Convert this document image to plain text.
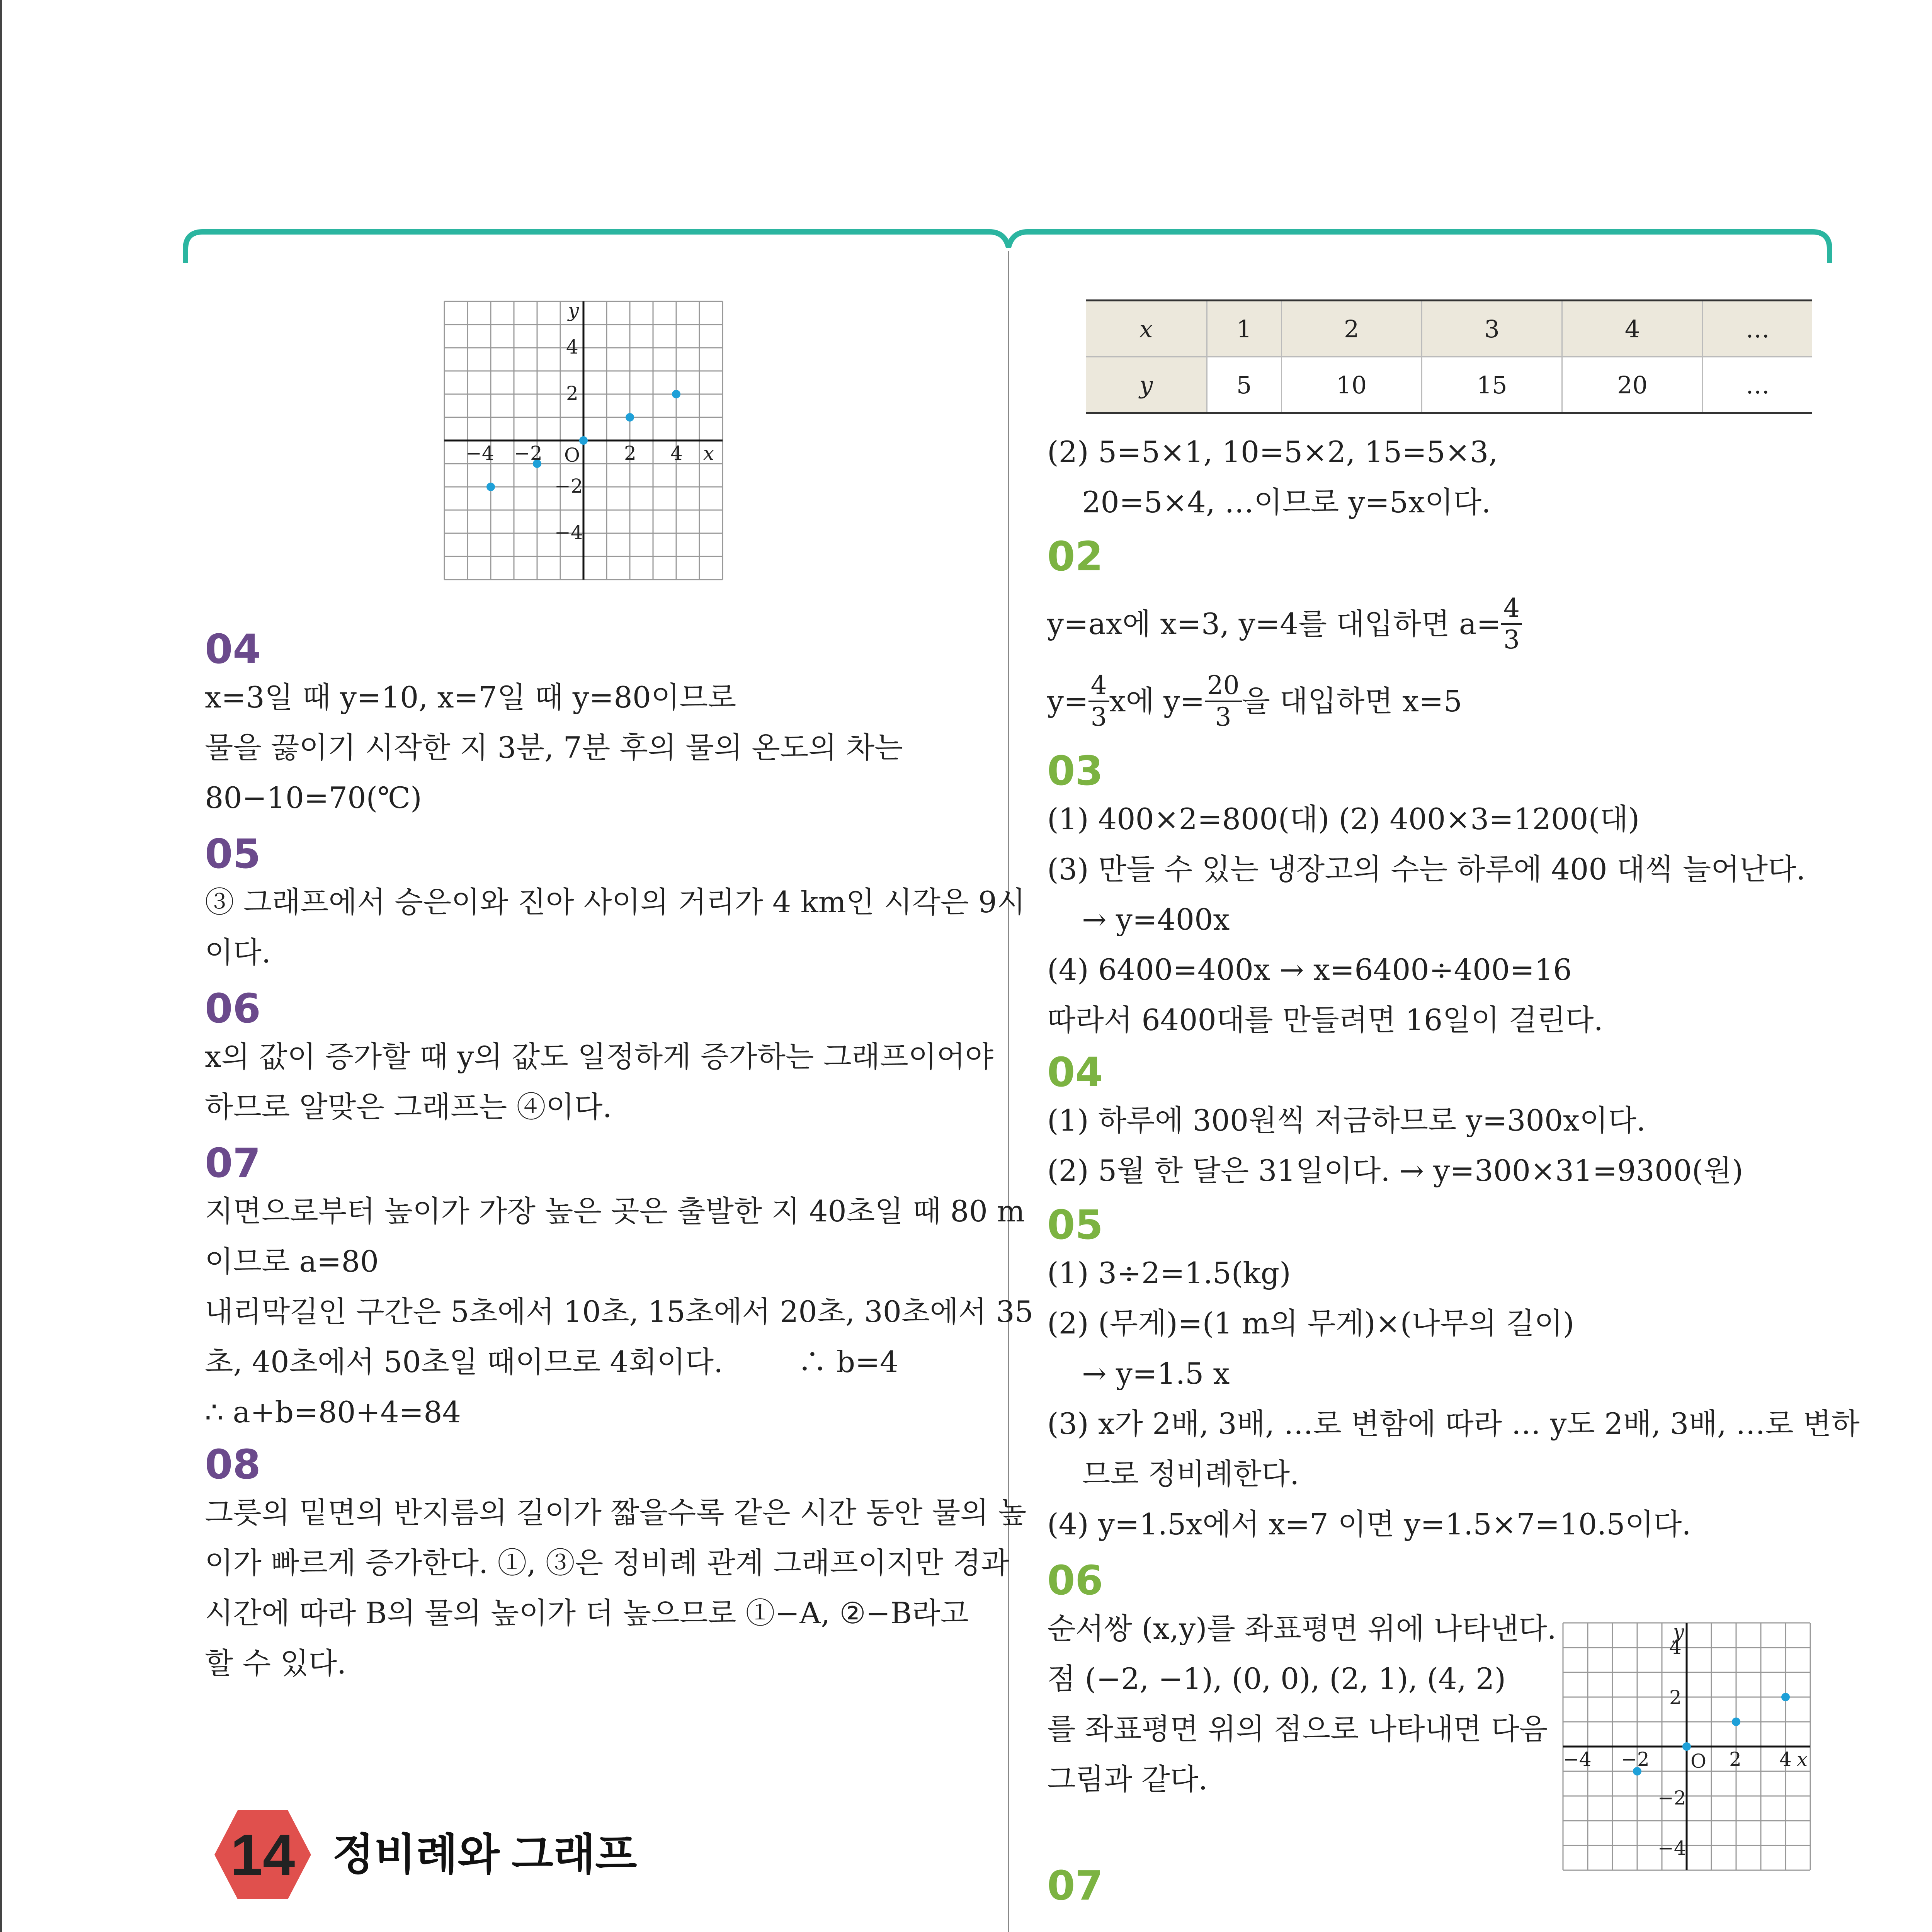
−4 −2 O 2 4 x
4
2
−2
−4
y
04
x=3일 때 y=10, x=7일 때 y=80이므로
물을 끓이기 시작한 지 3분, 7분 후의 물의 온도의 차는
80−10=70(℃)
05
③ 그래프에서 승은이와 진아 사이의 거리가 4 km인 시각은 9시
이다.
06
x의 값이 증가할 때 y의 값도 일정하게 증가하는 그래프이어야
하므로 알맞은 그래프는 ④이다.
07
지면으로부터 높이가 가장 높은 곳은 출발한 지 40초일 때 80 m
이므로 a=80
내리막길인 구간은 5초에서 10초, 15초에서 20초, 30초에서 35
초, 40초에서 50초일 때이므로 4회이다.        ∴ b=4
∴ a+b=80+4=84
08
그릇의 밑면의 반지름의 길이가 짧을수록 같은 시간 동안 물의 높
이가 빠르게 증가한다. ①, ③은 정비례 관계 그래프이지만 경과
시간에 따라 B의 물의 높이가 더 높으므로 ①−A, ②−B라고
할 수 있다.
14 정비례와 그래프

x	1	2	3	4	…
y	5	10	15	20	…
(2) 5=5×1, 10=5×2, 15=5×3,
20=5×4, …이므로 y=5x이다.
02
y=ax에 x=3, y=4를 대입하면 $a= \frac{4}{3}$
$y= \frac{4}{3}$ x에 $y= \frac{20}{3}$ 을 대입하면 x=5
03
(1) 400×2=800(대) (2) 400×3=1200(대)
(3) 만들 수 있는 냉장고의 수는 하루에 400 대씩 늘어난다.
→ y=400x
(4) 6400=400x → x=6400÷400=16
따라서 6400대를 만들려면 16일이 걸린다.
04
(1) 하루에 300원씩 저금하므로 y=300x이다.
(2) 5월 한 달은 31일이다. → y=300×31=9300(원)
05
(1) 3÷2=1.5(kg)
(2) (무게)=(1 m의 무게)×(나무의 길이)
→ y=1.5 x
(3) x가 2배, 3배, …로 변함에 따라 … y도 2배, 3배, …로 변하
므로 정비례한다.
(4) y=1.5x에서 x=7 이면 y=1.5×7=10.5이다.
06
순서쌍 (x,y)를 좌표평면 위에 나타낸다.
점 (−2, −1), (0, 0), (2, 1), (4, 2)
를 좌표평면 위의 점으로 나타내면 다음
그림과 같다.
−4 −2 O 2 4 x
4
2
−2
−4
y
07
